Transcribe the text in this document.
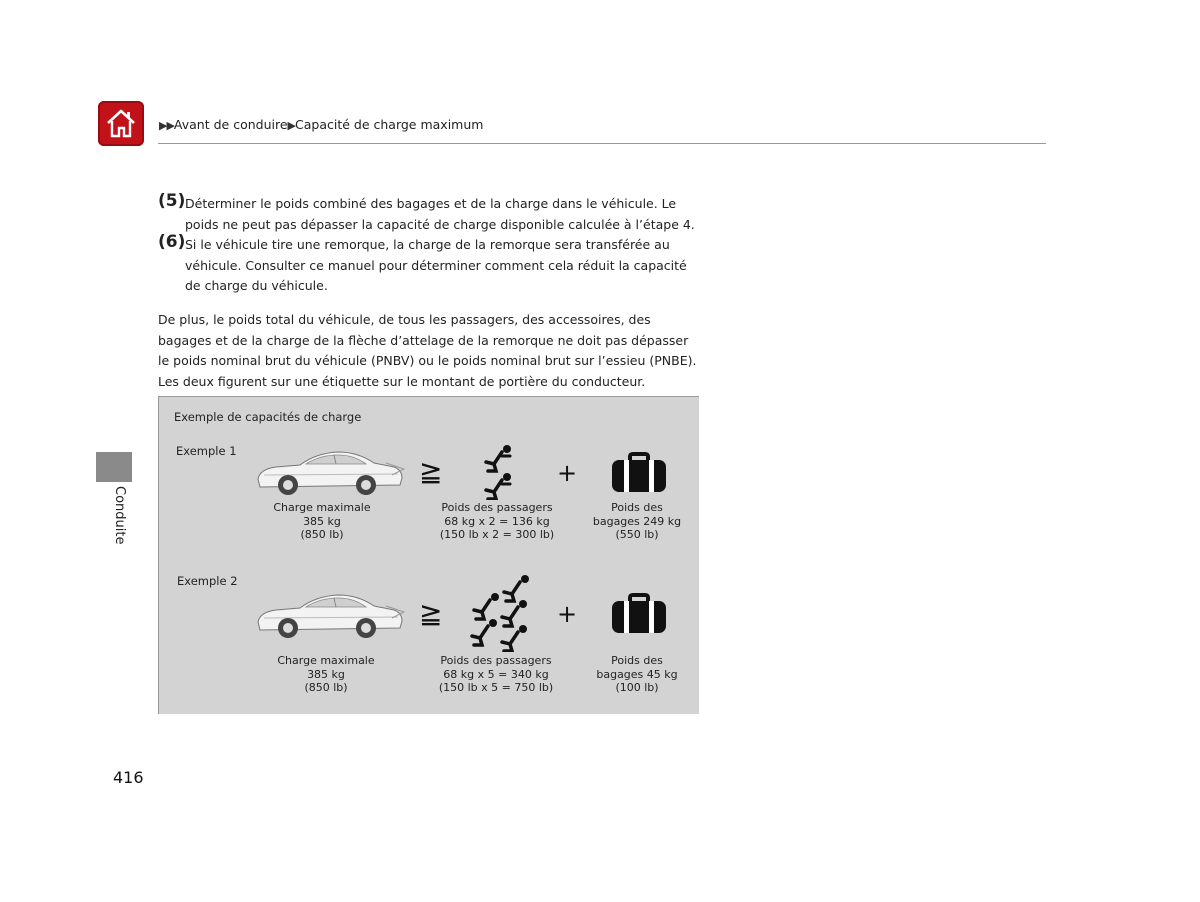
▶▶Avant de conduire▶Capacité de charge maximum
Conduite
(5) Déterminer le poids combiné des bagages et de la charge dans le véhicule. Le poids ne peut pas dépasser la capacité de charge disponible calculée à l’étape 4.
(6) Si le véhicule tire une remorque, la charge de la remorque sera transférée au véhicule. Consulter ce manuel pour déterminer comment cela réduit la capacité de charge du véhicule.
De plus, le poids total du véhicule, de tous les passagers, des accessoires, des bagages et de la charge de la flèche d’attelage de la remorque ne doit pas dépasser le poids nominal brut du véhicule (PNBV) ou le poids nominal brut sur l’essieu (PNBE). Les deux figurent sur une étiquette sur le montant de portière du conducteur.
Exemple de capacités de charge
Exemple 1
≧	+
Charge maximale
385 kg
(850 lb)
Poids des passagers
68 kg x 2 = 136 kg
(150 lb x 2 = 300 lb)
Poids des
bagages 249 kg
(550 lb)
Exemple 2
≧	+
Charge maximale
385 kg
(850 lb)
Poids des passagers
68 kg x 5 = 340 kg
(150 lb x 5 = 750 lb)
Poids des
bagages 45 kg
(100 lb)
416
